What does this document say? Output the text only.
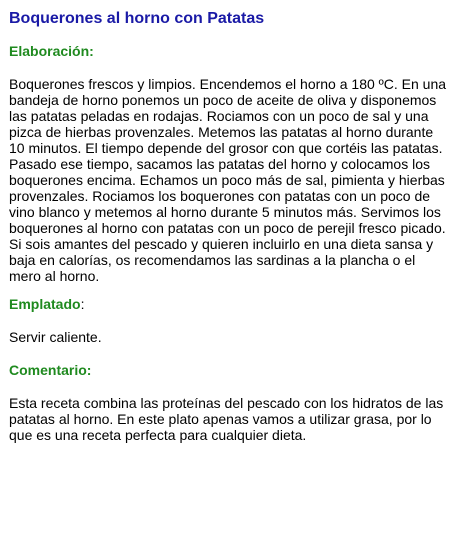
Boquerones al horno con Patatas
Elaboración:

Boquerones frescos y limpios. Encendemos el horno a 180 ºC. En una bandeja de horno ponemos un poco de aceite de oliva y disponemos las patatas peladas en rodajas. Rociamos con un poco de sal y una pizca de hierbas provenzales. Metemos las patatas al horno durante 10 minutos. El tiempo depende del grosor con que cortéis las patatas. Pasado ese tiempo, sacamos las patatas del horno y colocamos los boquerones encima. Echamos un poco más de sal, pimienta y hierbas provenzales. Rociamos los boquerones con patatas con un poco de vino blanco y metemos al horno durante 5 minutos más. Servimos los boquerones al horno con patatas con un poco de perejil fresco picado. Si sois amantes del pescado y quieren incluirlo en una dieta sansa y baja en calorías, os recomendamos las sardinas a la plancha o el mero al horno.

Emplatado:

Servir caliente.

Comentario:

Esta receta combina las proteínas del pescado con los hidratos de las patatas al horno. En este plato apenas vamos a utilizar grasa, por lo que es una receta perfecta para cualquier dieta.
